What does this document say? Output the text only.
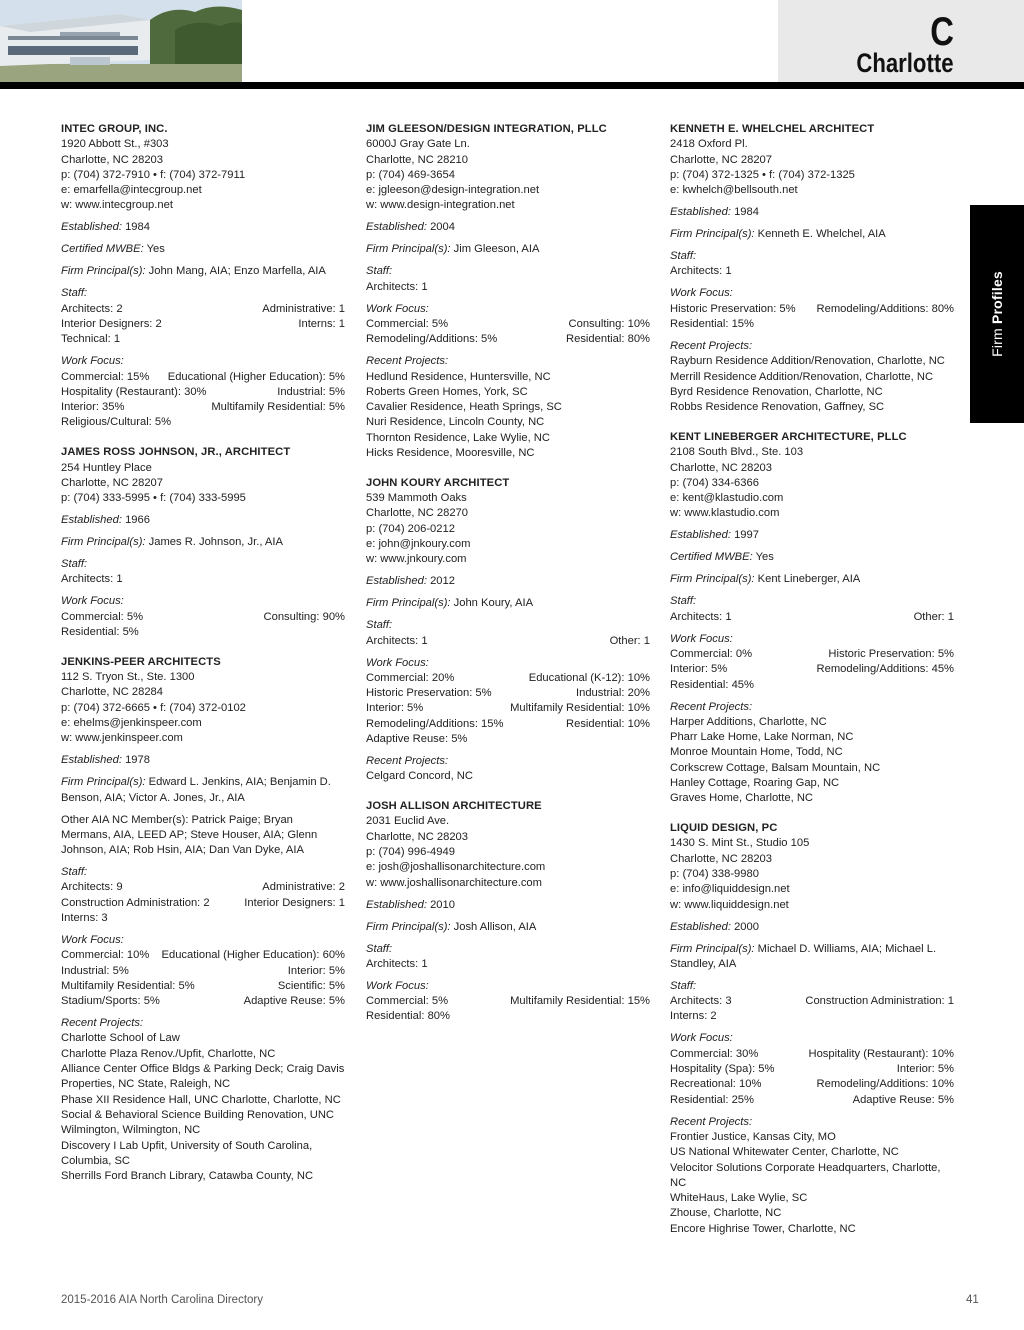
C
Charlotte
Firm Profiles
INTEC GROUP, INC.
1920 Abbott St., #303
Charlotte, NC 28203
p: (704) 372-7910 • f: (704) 372-7911
e: emarfella@intecgroup.net
w: www.intecgroup.net
Established: 1984
Certified MWBE: Yes
Firm Principal(s): John Mang, AIA; Enzo Marfella, AIA
Staff:
Architects: 2	Administrative: 1
Interior Designers: 2	Interns: 1
Technical: 1
Work Focus:
Commercial: 15% Educational (Higher Education): 5%
Hospitality (Restaurant): 30%	Industrial: 5%
Interior: 35%	Multifamily Residential: 5%
Religious/Cultural: 5%
JAMES ROSS JOHNSON, JR., ARCHITECT
254 Huntley Place
Charlotte, NC 28207
p: (704) 333-5995 • f: (704) 333-5995
Established: 1966
Firm Principal(s): James R. Johnson, Jr., AIA
Staff:
Architects: 1
Work Focus:
Commercial: 5%	Consulting: 90%
Residential: 5%
JENKINS-PEER ARCHITECTS
112 S. Tryon St., Ste. 1300
Charlotte, NC 28284
p: (704) 372-6665 • f: (704) 372-0102
e: ehelms@jenkinspeer.com
w: www.jenkinspeer.com
Established: 1978
Firm Principal(s): Edward L. Jenkins, AIA; Benjamin D. Benson, AIA; Victor A. Jones, Jr., AIA
Other AIA NC Member(s): Patrick Paige; Bryan Mermans, AIA, LEED AP; Steve Houser, AIA; Glenn Johnson, AIA; Rob Hsin, AIA; Dan Van Dyke, AIA
Staff:
Architects: 9	Administrative: 2
Construction Administration: 2	Interior Designers: 1
Interns: 3
Work Focus:
Commercial: 10% Educational (Higher Education): 60%
Industrial: 5%	Interior: 5%
Multifamily Residential: 5%	Scientific: 5%
Stadium/Sports: 5%	Adaptive Reuse: 5%
Recent Projects:
Charlotte School of Law
Charlotte Plaza Renov./Upfit, Charlotte, NC
Alliance Center Office Bldgs & Parking Deck; Craig Davis Properties, NC State, Raleigh, NC
Phase XII Residence Hall, UNC Charlotte, Charlotte, NC
Social & Behavioral Science Building Renovation, UNC Wilmington, Wilmington, NC
Discovery I Lab Upfit, University of South Carolina, Columbia, SC
Sherrills Ford Branch Library, Catawba County, NC
JIM GLEESON/DESIGN INTEGRATION, PLLC
6000J Gray Gate Ln.
Charlotte, NC 28210
p: (704) 469-3654
e: jgleeson@design-integration.net
w: www.design-integration.net
Established: 2004
Firm Principal(s): Jim Gleeson, AIA
Staff:
Architects: 1
Work Focus:
Commercial: 5%	Consulting: 10%
Remodeling/Additions: 5%	Residential: 80%
Recent Projects:
Hedlund Residence, Huntersville, NC
Roberts Green Homes, York, SC
Cavalier Residence, Heath Springs, SC
Nuri Residence, Lincoln County, NC
Thornton Residence, Lake Wylie, NC
Hicks Residence, Mooresville, NC
JOHN KOURY ARCHITECT
539 Mammoth Oaks
Charlotte, NC 28270
p: (704) 206-0212
e: john@jnkoury.com
w: www.jnkoury.com
Established: 2012
Firm Principal(s): John Koury, AIA
Staff:
Architects: 1	Other: 1
Work Focus:
Commercial: 20%	Educational (K-12): 10%
Historic Preservation: 5%	Industrial: 20%
Interior: 5%	Multifamily Residential: 10%
Remodeling/Additions: 15%	Residential: 10%
Adaptive Reuse: 5%
Recent Projects:
Celgard Concord, NC
JOSH ALLISON ARCHITECTURE
2031 Euclid Ave.
Charlotte, NC 28203
p: (704) 996-4949
e: josh@joshallisonarchitecture.com
w: www.joshallisonarchitecture.com
Established: 2010
Firm Principal(s): Josh Allison, AIA
Staff:
Architects: 1
Work Focus:
Commercial: 5%	Multifamily Residential: 15%
Residential: 80%
KENNETH E. WHELCHEL ARCHITECT
2418 Oxford Pl.
Charlotte, NC 28207
p: (704) 372-1325 • f: (704) 372-1325
e: kwhelch@bellsouth.net
Established: 1984
Firm Principal(s): Kenneth E. Whelchel, AIA
Staff:
Architects: 1
Work Focus:
Historic Preservation: 5% Remodeling/Additions: 80%
Residential: 15%
Recent Projects:
Rayburn Residence Addition/Renovation, Charlotte, NC
Merrill Residence Addition/Renovation, Charlotte, NC
Byrd Residence Renovation, Charlotte, NC
Robbs Residence Renovation, Gaffney, SC
KENT LINEBERGER ARCHITECTURE, PLLC
2108 South Blvd., Ste. 103
Charlotte, NC 28203
p: (704) 334-6366
e: kent@klastudio.com
w: www.klastudio.com
Established: 1997
Certified MWBE: Yes
Firm Principal(s): Kent Lineberger, AIA
Staff:
Architects: 1	Other: 1
Work Focus:
Commercial: 0%	Historic Preservation: 5%
Interior: 5%	Remodeling/Additions: 45%
Residential: 45%
Recent Projects:
Harper Additions, Charlotte, NC
Pharr Lake Home, Lake Norman, NC
Monroe Mountain Home, Todd, NC
Corkscrew Cottage, Balsam Mountain, NC
Hanley Cottage, Roaring Gap, NC
Graves Home, Charlotte, NC
LIQUID DESIGN, PC
1430 S. Mint St., Studio 105
Charlotte, NC 28203
p: (704) 338-9980
e: info@liquiddesign.net
w: www.liquiddesign.net
Established: 2000
Firm Principal(s): Michael D. Williams, AIA; Michael L. Standley, AIA
Staff:
Architects: 3	Construction Administration: 1
Interns: 2
Work Focus:
Commercial: 30%	Hospitality (Restaurant): 10%
Hospitality (Spa): 5%	Interior: 5%
Recreational: 10%	Remodeling/Additions: 10%
Residential: 25%	Adaptive Reuse: 5%
Recent Projects:
Frontier Justice, Kansas City, MO
US National Whitewater Center, Charlotte, NC
Velocitor Solutions Corporate Headquarters, Charlotte, NC
WhiteHaus, Lake Wylie, SC
Zhouse, Charlotte, NC
Encore Highrise Tower, Charlotte, NC
2015-2016 AIA North Carolina Directory	41
